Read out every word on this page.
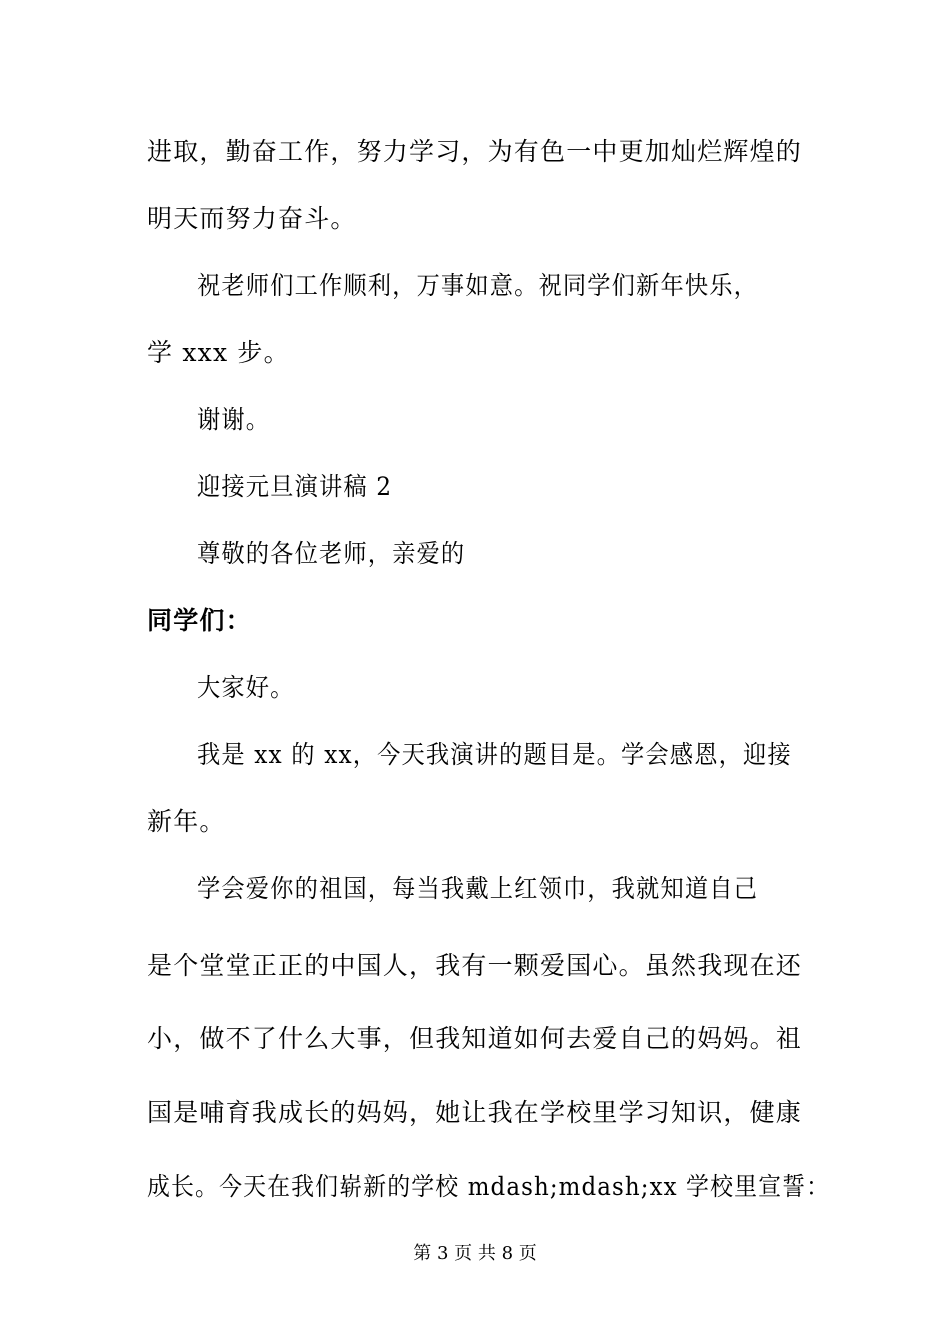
进取，勤奋工作，努力学习，为有色一中更加灿烂辉煌的
明天而努力奋斗。
祝老师们工作顺利，万事如意。祝同学们新年快乐，
学 xxx 步。
谢谢。
迎接元旦演讲稿 2
尊敬的各位老师，亲爱的
同学们：
大家好。
我是 xx 的 xx，今天我演讲的题目是。学会感恩，迎接
新年。
学会爱你的祖国，每当我戴上红领巾，我就知道自己
是个堂堂正正的中国人，我有一颗爱国心。虽然我现在还
小，做不了什么大事，但我知道如何去爱自己的妈妈。祖
国是哺育我成长的妈妈，她让我在学校里学习知识，健康
成长。今天在我们崭新的学校 mdash;mdash;xx 学校里宣誓：
第 3 页 共 8 页
